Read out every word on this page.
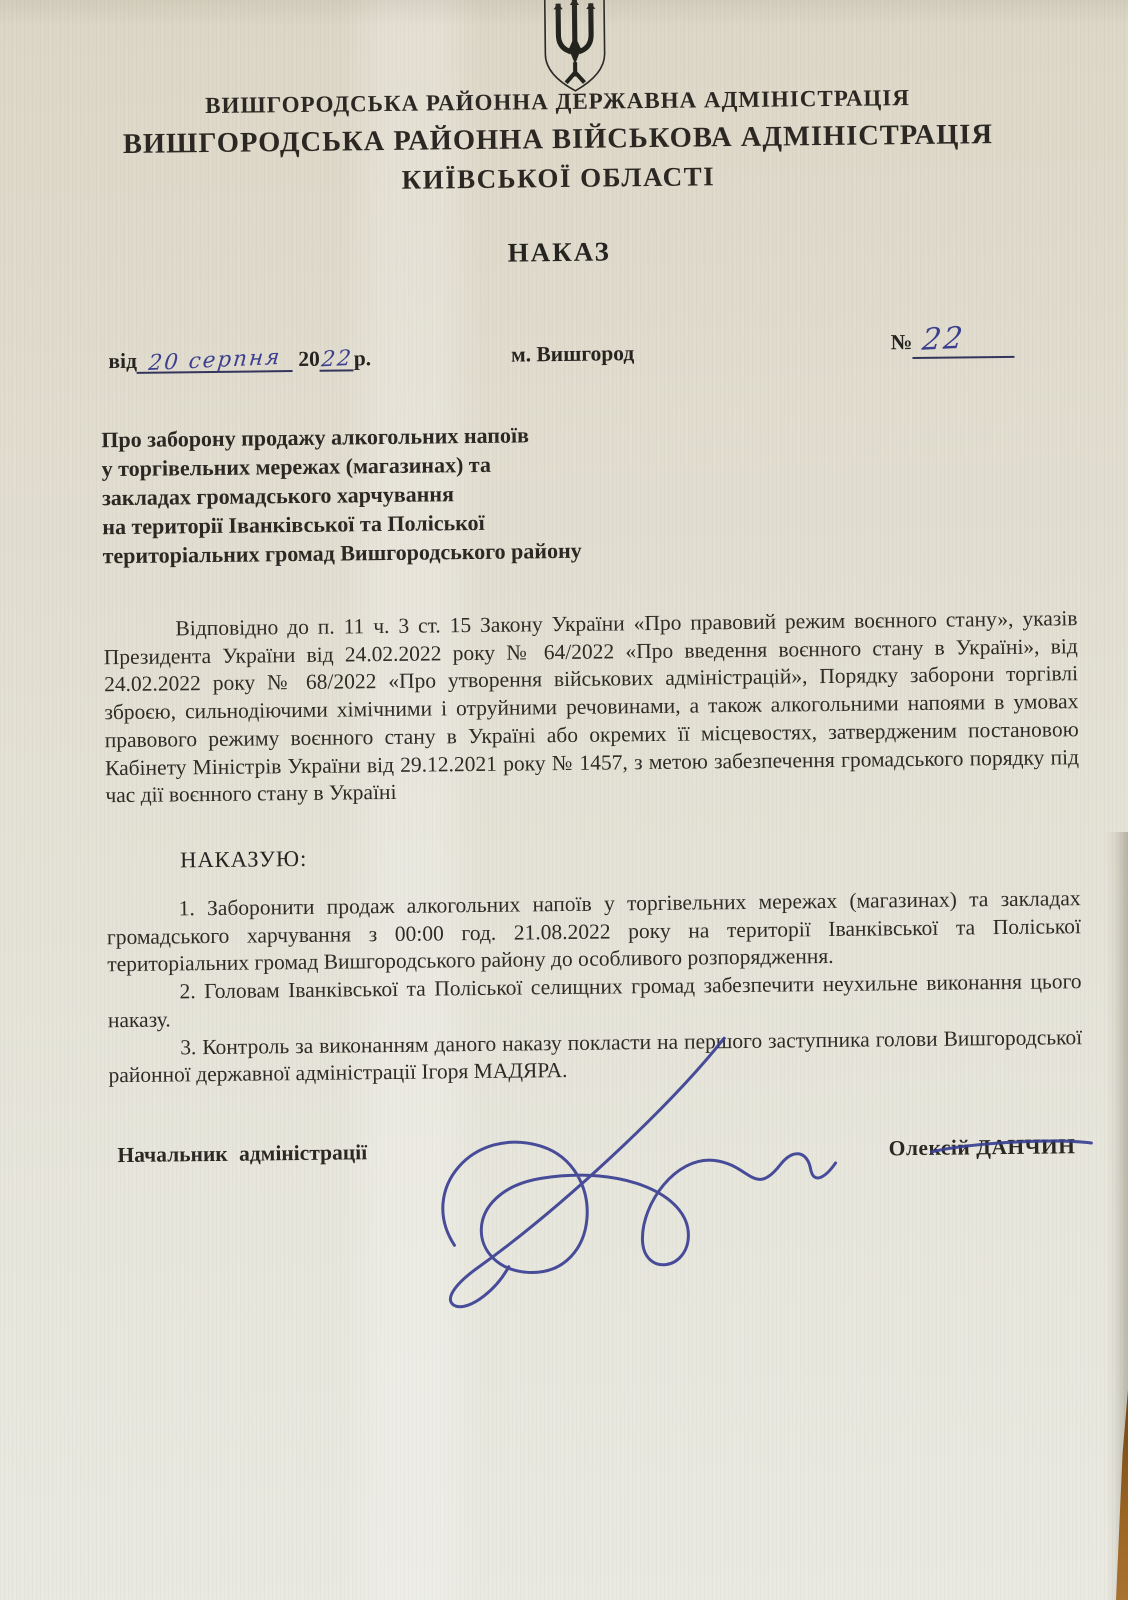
ВИШГОРОДСЬКА РАЙОННА ДЕРЖАВНА АДМІНІСТРАЦІЯ
ВИШГОРОДСЬКА РАЙОННА ВІЙСЬКОВА АДМІНІСТРАЦІЯ
КИЇВСЬКОЇ ОБЛАСТІ
НАКАЗ
від 20 серпня 2022р.	м. Вишгород	№ 22
Про заборону продажу алкогольних напоїв
у торгівельних мережах (магазинах) та
закладах громадського харчування
на території Іванківської та Поліської
територіальних громад Вишгородського району

Відповідно до п. 11 ч. 3 ст. 15 Закону України «Про правовий режим воєнного стану», указів Президента України від 24.02.2022 року № 64/2022 «Про введення воєнного стану в Україні», від 24.02.2022 року № 68/2022 «Про утворення військових адміністрацій», Порядку заборони торгівлі зброєю, сильнодіючими хімічними і отруйними речовинами, а також алкогольними напоями в умовах правового режиму воєнного стану в Україні або окремих її місцевостях, затвердженим постановою Кабінету Міністрів України від 29.12.2021 року № 1457, з метою забезпечення громадського порядку під час дії воєнного стану в Україні

НАКАЗУЮ:

1. Заборонити продаж алкогольних напоїв у торгівельних мережах (магазинах) та закладах громадського харчування з 00:00 год. 21.08.2022 року на території Іванківської та Поліської територіальних громад Вишгородського району до особливого розпорядження.

2. Головам Іванківської та Поліської селищних громад забезпечити неухильне виконання цього наказу.

3. Контроль за виконанням даного наказу покласти на першого заступника голови Вишгородської районної державної адміністрації Ігоря МАДЯРА.

Начальник адміністрації	Олексій ДАНЧИН
